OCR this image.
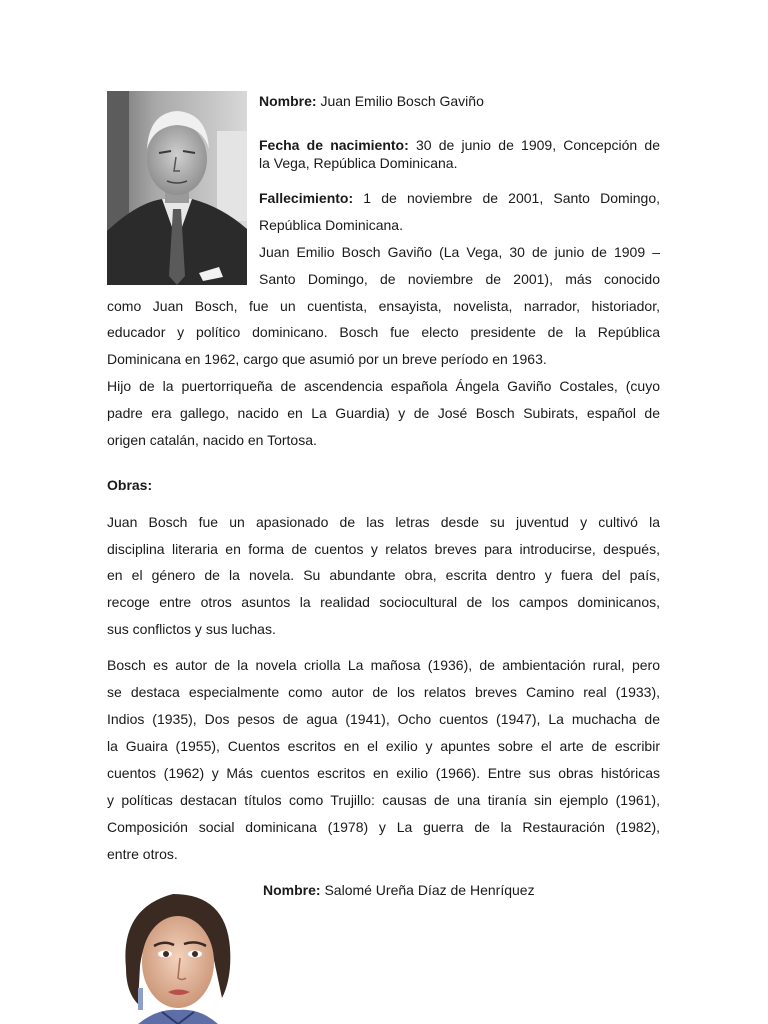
Nombre: Juan Emilio Bosch Gaviño
Fecha de nacimiento: 30 de junio de 1909, Concepción de
la Vega, República Dominicana.
Fallecimiento: 1 de noviembre de 2001, Santo Domingo,
República Dominicana.
Juan Emilio Bosch Gaviño (La Vega, 30 de junio de 1909 –
Santo Domingo, de noviembre de 2001), más conocido
como Juan Bosch, fue un cuentista, ensayista, novelista, narrador, historiador,
educador y político dominicano. Bosch fue electo presidente de la República
Dominicana en 1962, cargo que asumió por un breve período en 1963.
Hijo de la puertorriqueña de ascendencia española Ángela Gaviño Costales, (cuyo
padre era gallego, nacido en La Guardia) y de José Bosch Subirats, español de
origen catalán, nacido en Tortosa.
Obras:
Juan Bosch fue un apasionado de las letras desde su juventud y cultivó la
disciplina literaria en forma de cuentos y relatos breves para introducirse, después,
en el género de la novela. Su abundante obra, escrita dentro y fuera del país,
recoge entre otros asuntos la realidad sociocultural de los campos dominicanos,
sus conflictos y sus luchas.
Bosch es autor de la novela criolla La mañosa (1936), de ambientación rural, pero
se destaca especialmente como autor de los relatos breves Camino real (1933),
Indios (1935), Dos pesos de agua (1941), Ocho cuentos (1947), La muchacha de
la Guaira (1955), Cuentos escritos en el exilio y apuntes sobre el arte de escribir
cuentos (1962) y Más cuentos escritos en exilio (1966). Entre sus obras históricas
y políticas destacan títulos como Trujillo: causas de una tiranía sin ejemplo (1961),
Composición social dominicana (1978) y La guerra de la Restauración (1982),
entre otros.
Nombre: Salomé Ureña Díaz de Henríquez
